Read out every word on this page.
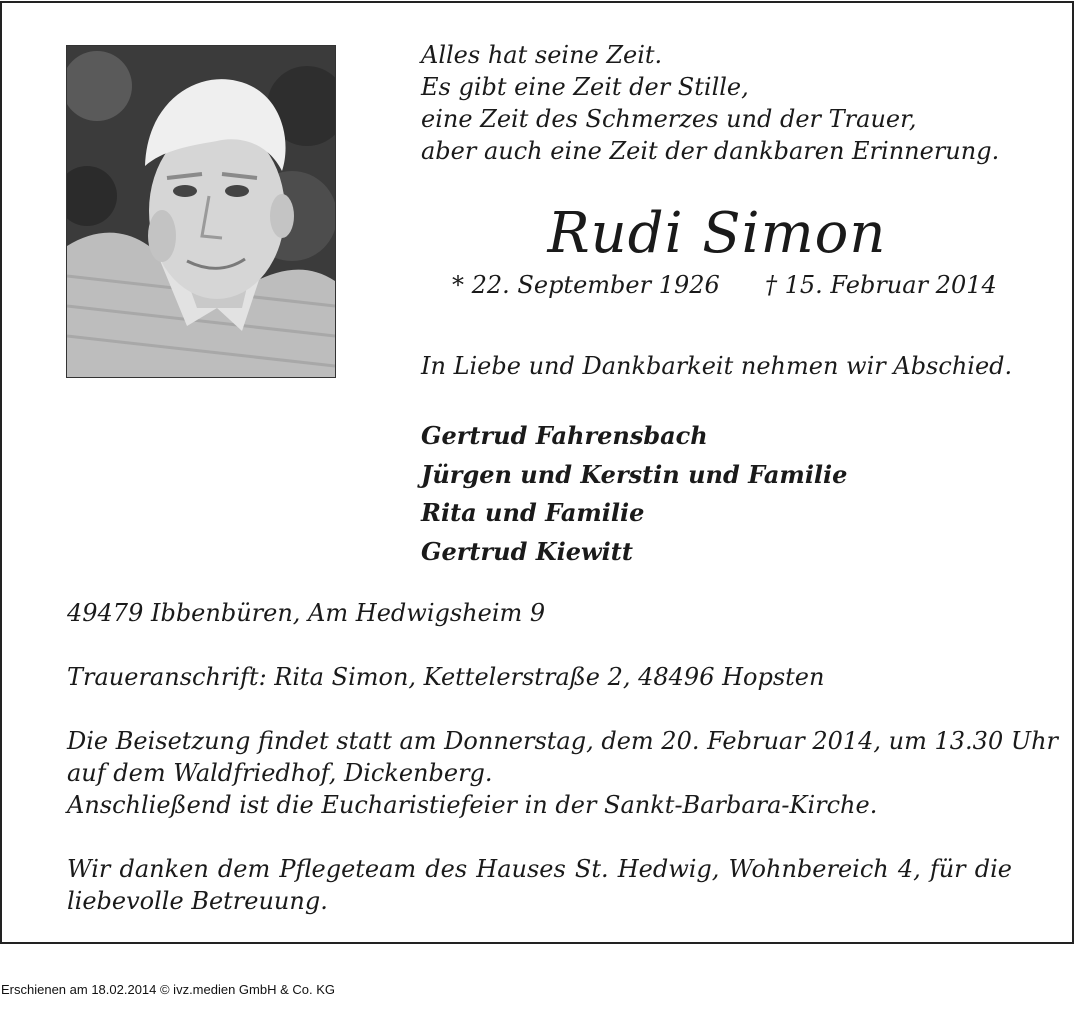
Alles hat seine Zeit.
Es gibt eine Zeit der Stille,
eine Zeit des Schmerzes und der Trauer,
aber auch eine Zeit der dankbaren Erinnerung.
Rudi Simon
* 22. September 1926 † 15. Februar 2014
In Liebe und Dankbarkeit nehmen wir Abschied.
Gertrud Fahrensbach
Jürgen und Kerstin und Familie
Rita und Familie
Gertrud Kiewitt
49479 Ibbenbüren, Am Hedwigsheim 9
Traueranschrift: Rita Simon, Kettelerstraße 2, 48496 Hopsten
Die Beisetzung findet statt am Donnerstag, dem 20. Februar 2014, um 13.30 Uhr
auf dem Waldfriedhof, Dickenberg.
Anschließend ist die Eucharistiefeier in der Sankt-Barbara-Kirche.
Wir danken dem Pflegeteam des Hauses St. Hedwig, Wohnbereich 4, für die liebevolle Betreuung.
Erschienen am 18.02.2014 © ivz.medien GmbH & Co. KG
